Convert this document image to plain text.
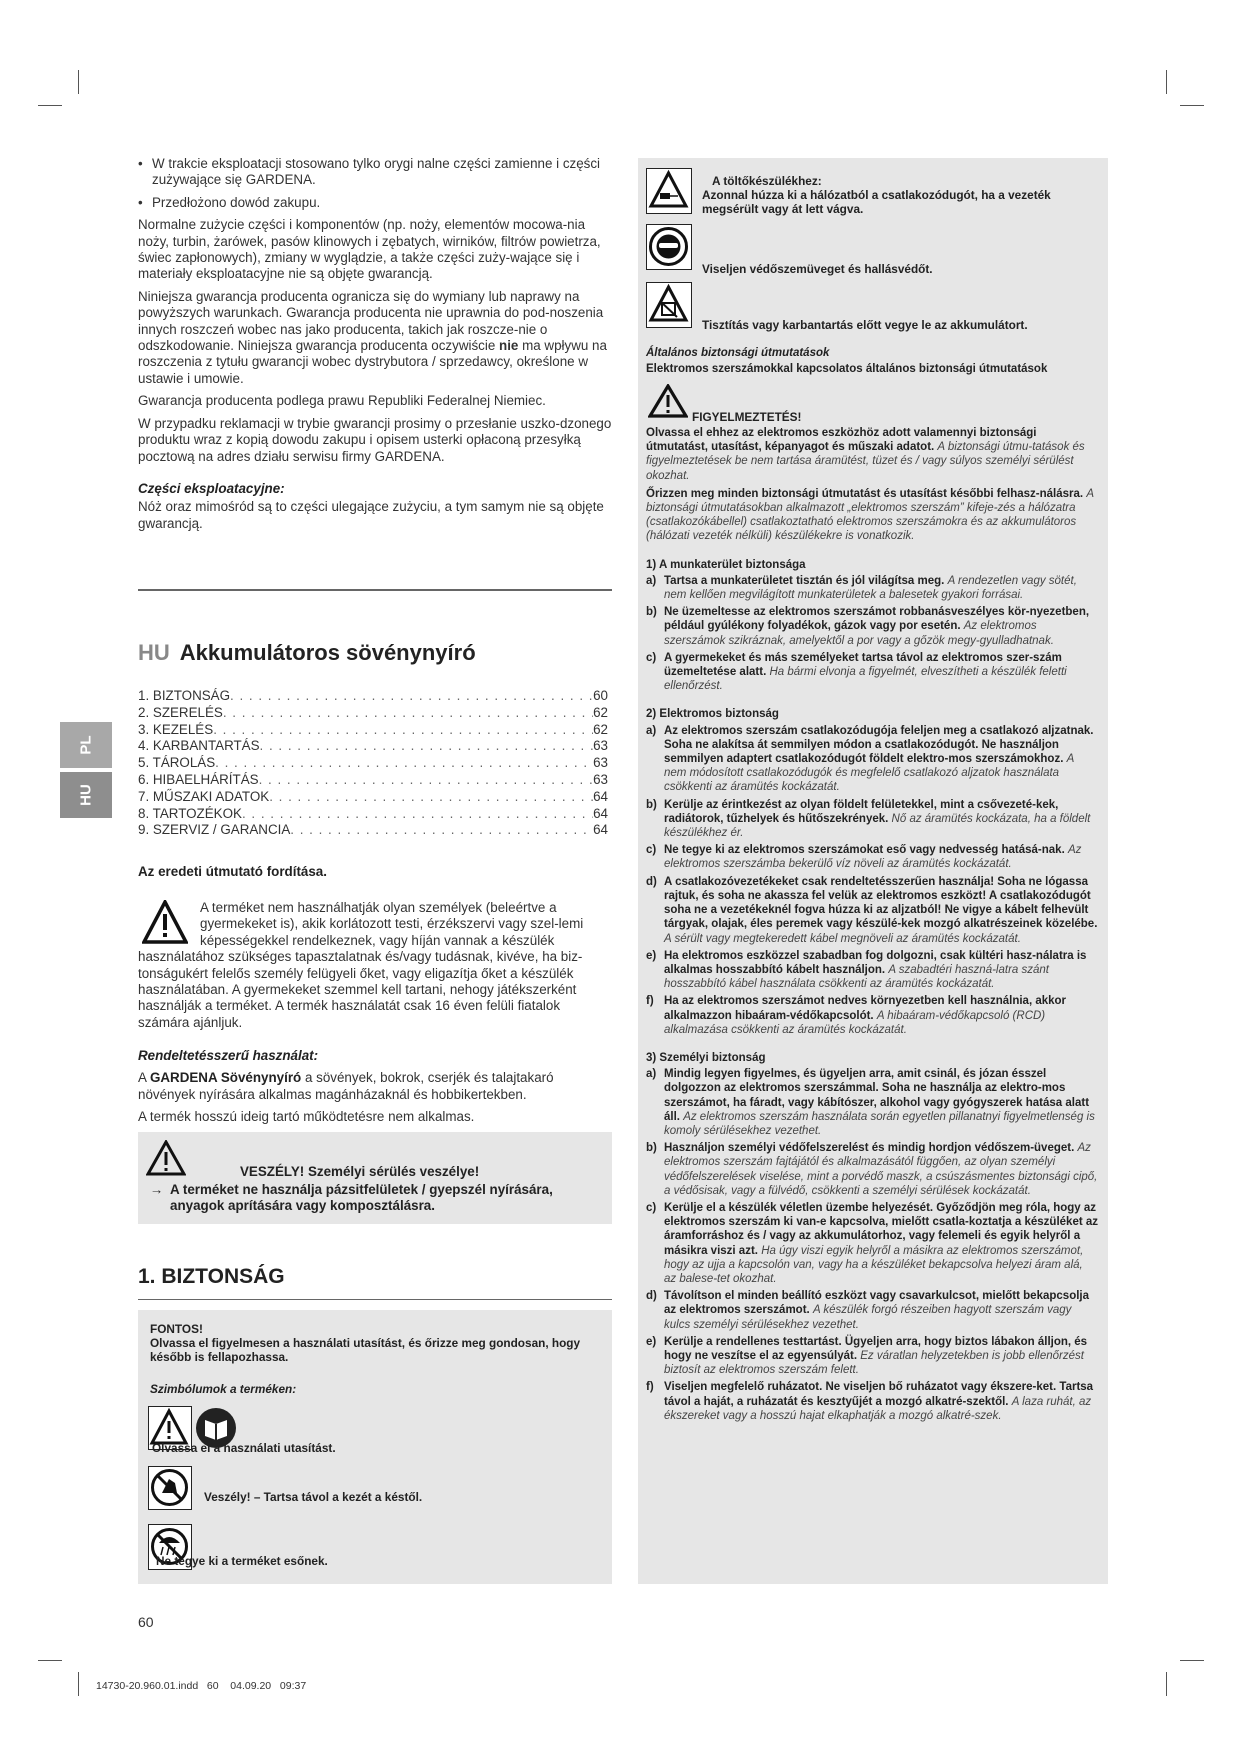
• W trakcie eksploatacji stosowano tylko orygi nalne części zamienne i części zużywające się GARDENA.

• Przedłożono dowód zakupu.

Normalne zużycie części i komponentów (np. noży, elementów mocowa-nia noży, turbin, żarówek, pasów klinowych i zębatych, wirników, filtrów powietrza, świec zapłonowych), zmiany w wyglądzie, a także części zuży-wające się i materiały eksploatacyjne nie są objęte gwarancją.

Niniejsza gwarancja producenta ogranicza się do wymiany lub naprawy na powyższych warunkach. Gwarancja producenta nie uprawnia do pod-noszenia innych roszczeń wobec nas jako producenta, takich jak roszcze-nie o odszkodowanie. Niniejsza gwarancja producenta oczywiście nie ma wpływu na roszczenia z tytułu gwarancji wobec dystrybutora / sprzedawcy, określone w ustawie i umowie.

Gwarancja producenta podlega prawu Republiki Federalnej Niemiec.

W przypadku reklamacji w trybie gwarancji prosimy o przesłanie uszko-dzonego produktu wraz z kopią dowodu zakupu i opisem usterki opłaconą przesyłką pocztową na adres działu serwisu firmy GARDENA.

Części eksploatacyjne:

Nóż oraz mimośród są to części ulegające zużyciu, a tym samym nie są objęte gwarancją.

HU Akkumulátoros sövénynyíró
1. BIZTONSÁG . . .	60
2. SZERELÉS . . .	62
3. KEZELÉS . . .	62
4. KARBANTARTÁS . . .	63
5. TÁROLÁS . . .	63
6. HIBAELHÁRÍTÁS . . .	63
7. MŰSZAKI ADATOK . . .	64
8. TARTOZÉKOK . . .	64
9. SZERVIZ / GARANCIA . . .	64
PL
HU
Az eredeti útmutató fordítása.
A terméket nem használhatják olyan személyek (beleértve a gyermekeket is), akik korlátozott testi, érzékszervi vagy szel-lemi képességekkel rendelkeznek, vagy híján vannak a készülék használatához szükséges tapasztalatnak és/vagy tudásnak, kivéve, ha biz-tonságukért felelős személy felügyeli őket, vagy eligazítja őket a készülék használatában. A gyermekeket szemmel kell tartani, nehogy játékszerként használják a terméket. A termék használatát csak 16 éven felüli fiatalok számára ajánljuk.

Rendeltetésszerű használat:

A GARDENA Sövénynyíró a sövények, bokrok, cserjék és talajtakaró növények nyírására alkalmas magánházaknál és hobbikertekben.

A termék hosszú ideig tartó működtetésre nem alkalmas.

VESZÉLY! Személyi sérülés veszélye!
→ A terméket ne használja pázsitfelületek / gyepszél nyírására, anyagok aprítására vagy komposztálásra.
1. BIZTONSÁG
FONTOS!
Olvassa el figyelmesen a használati utasítást, és őrizze meg gondosan, hogy később is fellapozhassa.
Szimbólumok a terméken:
Olvassa el a használati utasítást.
Veszély! – Tartsa távol a kezét a késtől.
Ne tegye ki a terméket esőnek.
A töltőkészülékhez:
Azonnal húzza ki a hálózatból a csatlakozódugót, ha a vezeték megsérült vagy át lett vágva.
Viseljen védőszemüveget és hallásvédőt.
Tisztítás vagy karbantartás előtt vegye le az akkumulátort.

Általános biztonsági útmutatások

Elektromos szerszámokkal kapcsolatos általános biztonsági útmutatások

FIGYELMEZTETÉS!

Olvassa el ehhez az elektromos eszközhöz adott valamennyi biztonsági útmutatást, utasítást, képanyagot és műszaki adatot. A biztonsági útmu-tatások és figyelmeztetések be nem tartása áramütést, tüzet és / vagy súlyos személyi sérülést okozhat.

Őrizzen meg minden biztonsági útmutatást és utasítást későbbi felhasz-nálásra. A biztonsági útmutatásokban alkalmazott „elektromos szerszám” kifeje-zés a hálózatra (csatlakozókábellel) csatlakoztatható elektromos szerszámokra és az akkumulátoros (hálózati vezeték nélküli) készülékekre is vonatkozik.

1) A munkaterület biztonsága

a) Tartsa a munkaterületet tisztán és jól világítsa meg. A rendezetlen vagy sötét, nem kellően megvilágított munkaterületek a balesetek gyakori forrásai.

b) Ne üzemeltesse az elektromos szerszámot robbanásveszélyes kör-nyezetben, például gyúlékony folyadékok, gázok vagy por esetén. Az elektromos szerszámok szikráznak, amelyektől a por vagy a gőzök megy-gyulladhatnak.

c) A gyermekeket és más személyeket tartsa távol az elektromos szer-szám üzemeltetése alatt. Ha bármi elvonja a figyelmét, elveszítheti a készülék feletti ellenőrzést.

2) Elektromos biztonság

a) Az elektromos szerszám csatlakozódugója feleljen meg a csatlakozó aljzatnak. Soha ne alakítsa át semmilyen módon a csatlakozódugót. Ne használjon semmilyen adaptert csatlakozódugót földelt elektro-mos szerszámokhoz. A nem módosított csatlakozódugók és megfelelő csatlakozó aljzatok használata csökkenti az áramütés kockázatát.

b) Kerülje az érintkezést az olyan földelt felületekkel, mint a csővezeté-kek, radiátorok, tűzhelyek és hűtőszekrények. Nő az áramütés kockázata, ha a földelt készülékhez ér.

c) Ne tegye ki az elektromos szerszámokat eső vagy nedvesség hatásá-nak. Az elektromos szerszámba bekerülő víz növeli az áramütés kockázatát.

d) A csatlakozóvezetékeket csak rendeltetésszerűen használja! Soha ne lógassa rajtuk, és soha ne akassza fel velük az elektromos eszközt! A csatlakozódugót soha ne a vezetékeknél fogva húzza ki az aljzatból! Ne vigye a kábelt felhevült tárgyak, olajak, éles peremek vagy készülé-kek mozgó alkatrészeinek közelébe. A sérült vagy megtekeredett kábel megnöveli az áramütés kockázatát.

e) Ha elektromos eszközzel szabadban fog dolgozni, csak kültéri hasz-nálatra is alkalmas hosszabbító kábelt használjon. A szabadtéri haszná-latra szánt hosszabbító kábel használata csökkenti az áramütés kockázatát.

f) Ha az elektromos szerszámot nedves környezetben kell használnia, akkor alkalmazzon hibaáram-védőkapcsolót. A hibaáram-védőkapcsoló (RCD) alkalmazása csökkenti az áramütés kockázatát.

3) Személyi biztonság

a) Mindig legyen figyelmes, és ügyeljen arra, amit csinál, és józan ésszel dolgozzon az elektromos szerszámmal. Soha ne használja az elektro-mos szerszámot, ha fáradt, vagy kábítószer, alkohol vagy gyógyszerek hatása alatt áll. Az elektromos szerszám használata során egyetlen pillanatnyi figyelmetlenség is komoly sérülésekhez vezethet.

b) Használjon személyi védőfelszerelést és mindig hordjon védőszem-üveget. Az elektromos szerszám fajtájától és alkalmazásától függően, az olyan személyi védőfelszerelések viselése, mint a porvédő maszk, a csúszásmentes biztonsági cipő, a védősisak, vagy a fülvédő, csökkenti a személyi sérülések kockázatát.

c) Kerülje el a készülék véletlen üzembe helyezését. Győződjön meg róla, hogy az elektromos szerszám ki van-e kapcsolva, mielőtt csatla-koztatja a készüléket az áramforráshoz és / vagy az akkumulátorhoz, vagy felemeli és egyik helyről a másikra viszi azt. Ha úgy viszi egyik helyről a másikra az elektromos szerszámot, hogy az ujja a kapcsolón van, vagy ha a készüléket bekapcsolva helyezi áram alá, az balese-tet okozhat.

d) Távolítson el minden beállító eszközt vagy csavarkulcsot, mielőtt bekapcsolja az elektromos szerszámot. A készülék forgó részeiben hagyott szerszám vagy kulcs személyi sérülésekhez vezethet.

e) Kerülje a rendellenes testtartást. Ügyeljen arra, hogy biztos lábakon álljon, és hogy ne veszítse el az egyensúlyát. Ez váratlan helyzetekben is jobb ellenőrzést biztosít az elektromos szerszám felett.

f) Viseljen megfelelő ruházatot. Ne viseljen bő ruházatot vagy ékszere-ket. Tartsa távol a haját, a ruházatát és kesztyűjét a mozgó alkatré-szektől. A laza ruhát, az ékszereket vagy a hosszú hajat elkaphatják a mozgó alkatré-szek.

60
14730-20.960.01.indd   60    04.09.20   09:37
